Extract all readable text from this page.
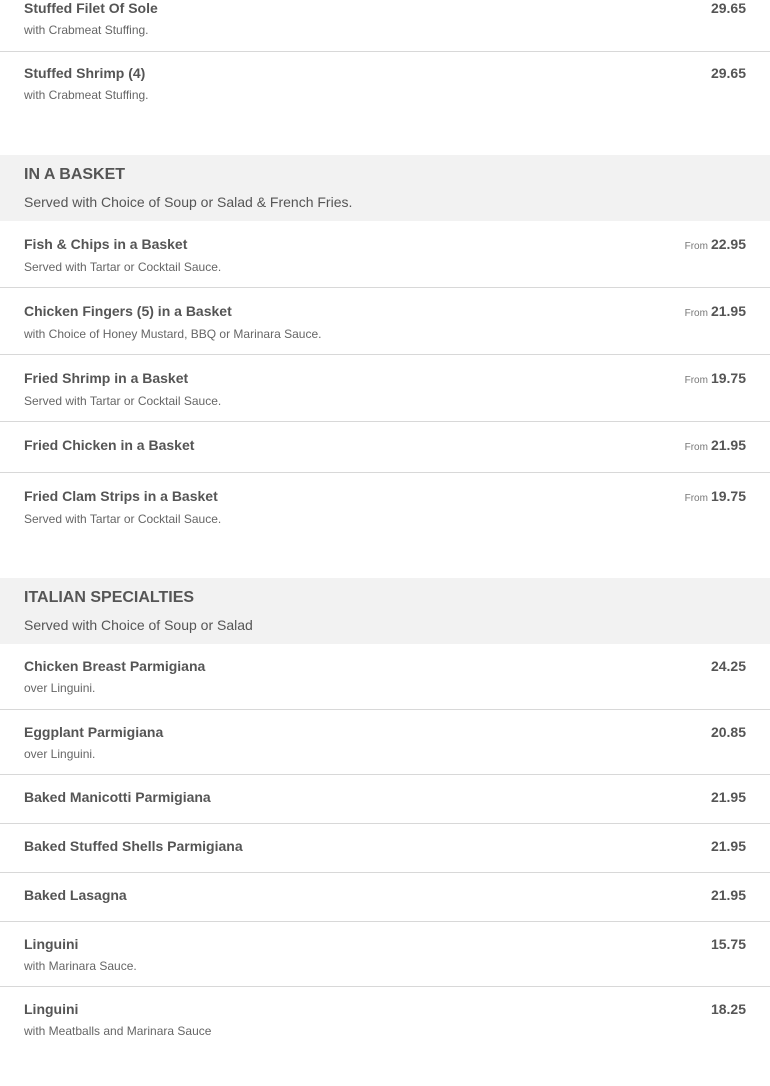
Stuffed Filet Of Sole
with Crabmeat Stuffing.
29.65
Stuffed Shrimp (4)
with Crabmeat Stuffing.
29.65
IN A BASKET
Served with Choice of Soup or Salad & French Fries.
Fish & Chips in a Basket
Served with Tartar or Cocktail Sauce.
From 22.95
Chicken Fingers (5) in a Basket
with Choice of Honey Mustard, BBQ or Marinara Sauce.
From 21.95
Fried Shrimp in a Basket
Served with Tartar or Cocktail Sauce.
From 19.75
Fried Chicken in a Basket	From 21.95
Fried Clam Strips in a Basket
Served with Tartar or Cocktail Sauce.
From 19.75
ITALIAN SPECIALTIES
Served with Choice of Soup or Salad
Chicken Breast Parmigiana
over Linguini.
24.25
Eggplant Parmigiana
over Linguini.
20.85
Baked Manicotti Parmigiana	21.95
Baked Stuffed Shells Parmigiana	21.95
Baked Lasagna	21.95
Linguini
with Marinara Sauce.
15.75
Linguini
with Meatballs and Marinara Sauce
18.25
